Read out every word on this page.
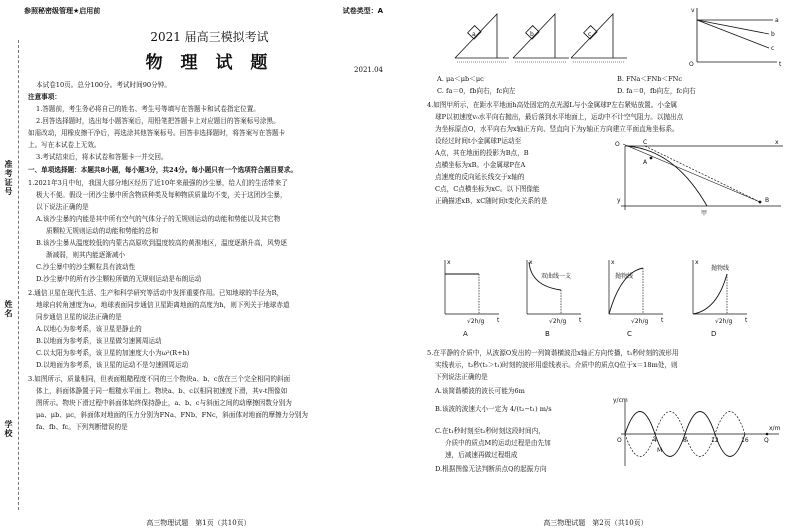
准考证号
姓名
学校
参照秘密级管理★启用前	试卷类型：A
2021 届高三模拟考试
物 理 试 题	2021.04
本试卷10页。总分100分。考试时间90分钟。
注意事项：
1.答题前，考生务必将自己的姓名、考生号等填写在答题卡和试卷指定位置。
2.回答选择题时，选出每小题答案后，用铅笔把答题卡上对应题目的答案标号涂黑。
如需改动，用橡皮擦干净后，再选涂其他答案标号。回答非选择题时，将答案写在答题卡
上。写在本试卷上无效。
3.考试结束后，将本试卷和答题卡一并交回。
一、单项选择题：本题共8小题，每小题3分，共24分。每小题只有一个选项符合题目要求。
1.2021年3月中旬，我国大部分地区经历了近10年来最强的沙尘暴，给人们的生活带来了
极大不便。假设一团沙尘暴中所含物质种类及每种物质质量均不变，关于这团沙尘暴，
以下说法正确的是
A.该沙尘暴的内能是其中所有空气的气体分子的无规则运动的动能和势能以及其它物
质颗粒无规则运动的动能和势能的总和
B.该沙尘暴从温度较低的内蒙古高原吹到温度较高的黄淮地区，温度逐渐升高，风势逐
渐减弱，则其内能逐渐减小
C.沙尘暴中的沙尘颗粒具有波动性
D.沙尘暴中的所有沙尘颗粒所做的无规则运动是布朗运动
2.通信卫星在现代生活、生产和科学研究等活动中发挥重要作用。已知地球的半径为R，
地球自转角速度为ω，地球表面同步通信卫星距离地面的高度为h，则下列关于地球赤道
同步通信卫星的说法正确的是
A.以地心为参考系，该卫星是静止的
B.以地面为参考系，该卫星做匀速圆周运动
C.以太阳为参考系，该卫星的加速度大小为ω²(R+h)
D.以地面为参考系，该卫星的运动不是匀速圆周运动
3.如图所示，质量相同，但表面粗糙程度不同的三个物块a、b、c放在三个完全相同的斜面
体上，斜面体静置于同一粗糙水平面上。物块a、b、c以相同初速度下滑，其v-t图像如
图所示。物块下滑过程中斜面体始终保持静止，a、b、c与斜面之间的动摩擦因数分别为
μa、μb、μc，斜面体对地面的压力分别为FNa、FNb、FNc，斜面体对地面的摩擦力分别为
fa、fb、fc。下列判断错误的是
高三物理试题　第1页（共10页）
a	b	c
v
t
a
b
c
O
A. μa＜μb＜μc	B. FNa＜FNb＜FNc
C. fa＝0，fb向右，fc向左	D. fa＝0，fb向左，fc向右
4.如图甲所示，在距水平地面h高处固定的点光源L与小金属球P左右紧贴放置。小金属
球P以初速度v₀水平向右抛出，最后落到水平地面上，运动中不计空气阻力。以抛出点
为坐标原点O，水平向右为x轴正方向、竖直向下为y轴正方向建立平面直角坐标系。
设经过时间t小金属球P运动至
A点，其在地面的投影为B点，B
点横坐标为xB。小金属球P在A
点速度的反向延长线交于x轴的
C点，C点横坐标为xC。以下图像能
正确描述xB、xC随时间t变化关系的是
O	C	x
A
y	B
甲
x
t
√2h/g
A
x
双曲线一支
t
√2h/g
B
x
抛物线
t
√2h/g
C
x
抛物线
t
√2h/g
D
5.在平静的介质中，从波源O发出的一列简谐横波沿x轴正方向传播，t₁秒时刻的波形用
实线表示，t₂秒(t₂＞t₁)时刻的波形用虚线表示。介质中的质点Q位于x＝18m处，则
下列说法正确的是
A.该简谐横波的波长可能为6m
B.该波的波速大小一定为 4/(t₂−t₁) m/s
C.在t₁秒时刻至t₂秒时刻这段时间内，
介质中的质点M的运动过程是由先加
速，后减速再做过程组成
D.根据图像无法判断质点Q的起振方向
y/cm
O
M
4	8	12	16	Q
x/m
高三物理试题　第2页（共10页）
